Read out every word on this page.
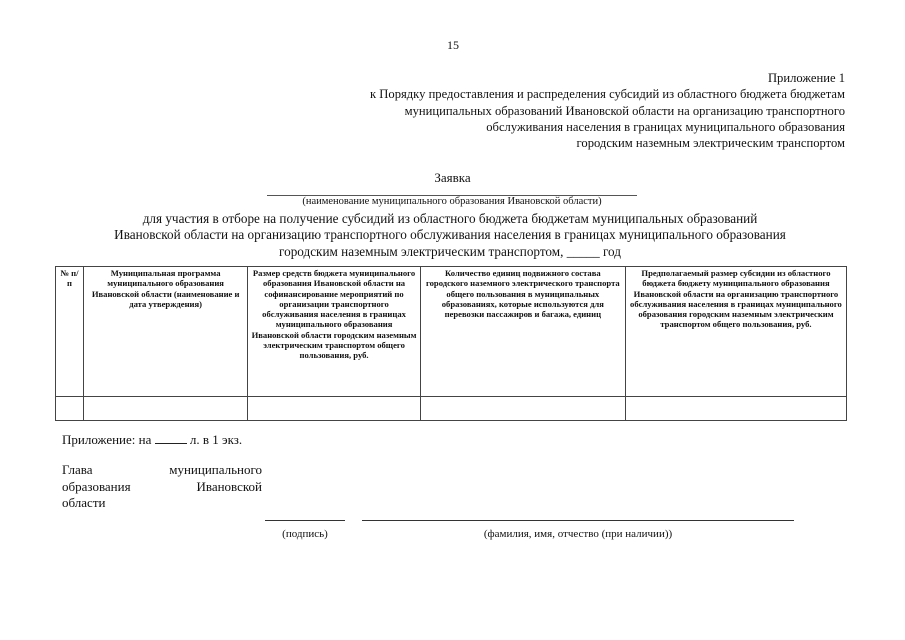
15
Приложение 1
к Порядку предоставления и распределения субсидий из областного бюджета бюджетам
муниципальных образований Ивановской области на организацию транспортного
обслуживания населения в границах муниципального образования
городским наземным электрическим транспортом
Заявка
(наименование муниципального образования Ивановской области)
для участия в отборе на получение субсидий из областного бюджета бюджетам муниципальных образований
Ивановской области на организацию транспортного обслуживания населения в границах муниципального образования
городским наземным электрическим транспортом, _____ год
№ п/п	Муниципальная программа муниципального образования Ивановской области (наименование и дата утверждения)	Размер средств бюджета муниципального образования Ивановской области на софинансирование мероприятий по организации транспортного обслуживания населения в границах муниципального образования Ивановской области городским наземным электрическим транспортом общего пользования, руб.	Количество единиц подвижного состава городского наземного электрического транспорта общего пользования в муниципальных образованиях, которые используются для перевозки пассажиров и багажа, единиц	Предполагаемый размер субсидии из областного бюджета бюджету муниципального образования Ивановской области на организацию транспортного обслуживания населения в границах муниципального образования городским наземным электрическим транспортом общего пользования, руб.

Приложение: на	л. в 1 экз.
Глава муниципального
образования Ивановской
области
(подпись)	(фамилия, имя, отчество (при наличии))
